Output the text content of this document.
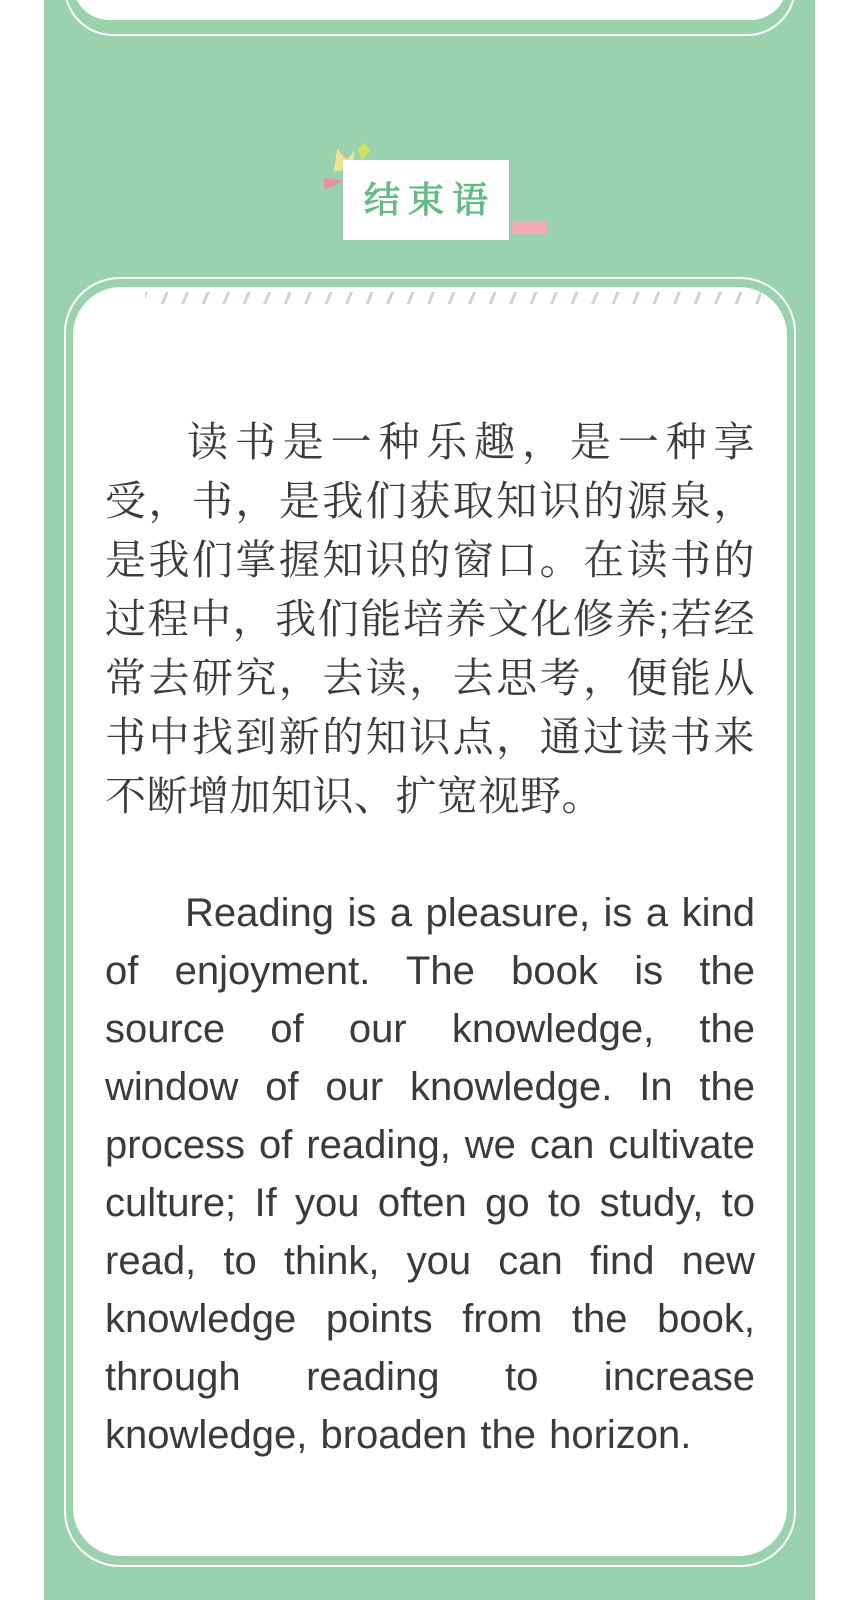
结束语

读书是一种乐趣，是一种享受，书，是我们获取知识的源泉，是我们掌握知识的窗口。在读书的过程中，我们能培养文化修养;若经常去研究，去读，去思考，便能从书中找到新的知识点，通过读书来不断增加知识、扩宽视野。

Reading is a pleasure, is a kind of enjoyment. The book is the source of our knowledge, the window of our knowledge. In the process of reading, we can cultivate culture; If you often go to study, to read, to think, you can find new knowledge points from the book, through reading to increase knowledge, broaden the horizon.
